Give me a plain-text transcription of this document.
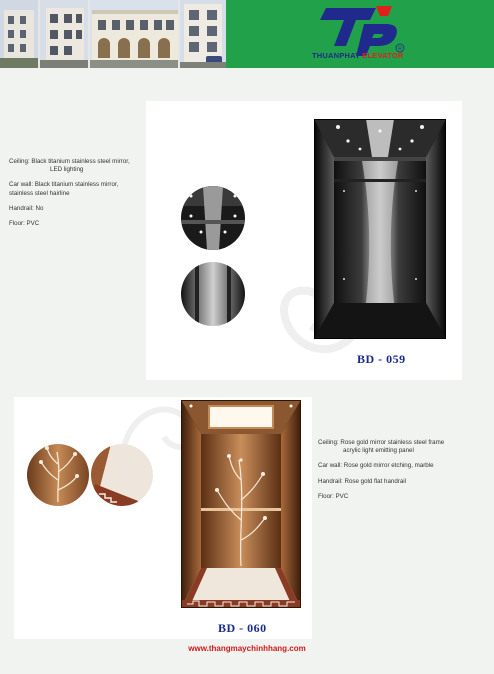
R
THUANPHAT ELEVATOR

Ceiling: Black titanium stainless steel mirror,

LED lighting

Car wall: Black titanium stainless mirror,
stainless steel hairline

Handrail: No

Floor: PVC

BD - 059
BD - 060

Ceiling: Rose gold mirror stainless steel frame

acrylic light emitting panel

Car wall: Rose gold mirror etching, marble

Handrail: Rose gold flat handrail

Floor: PVC

www.thangmaychinhhang.com
